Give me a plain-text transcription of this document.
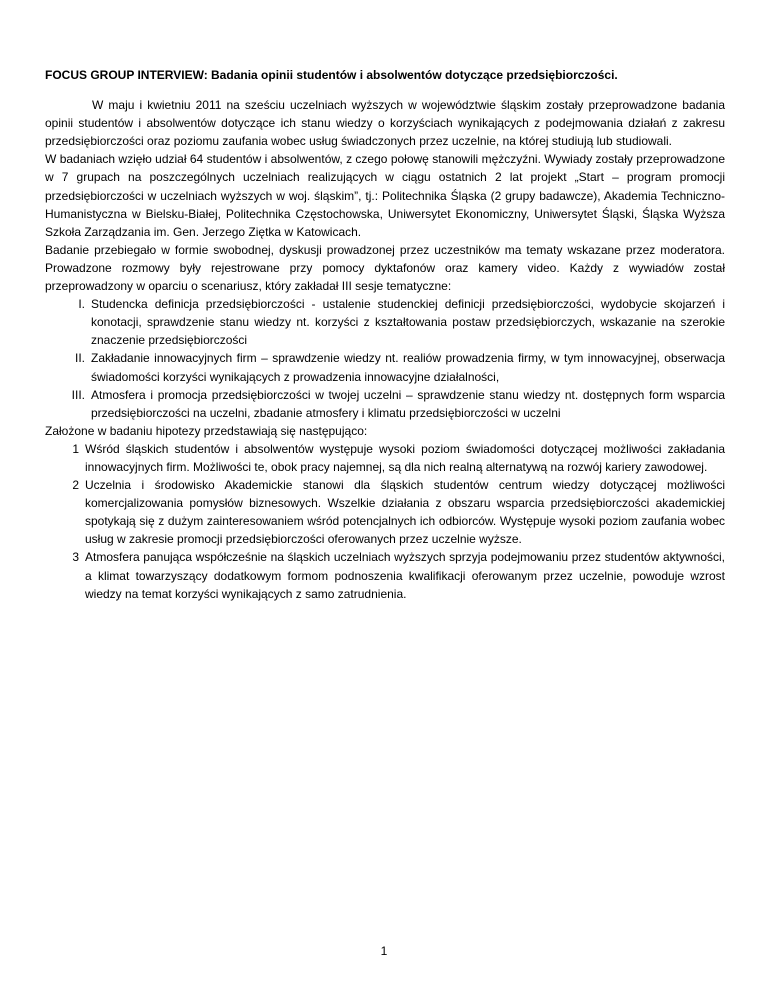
FOCUS GROUP INTERVIEW: Badania opinii studentów i absolwentów dotyczące przedsiębiorczości.

W maju i kwietniu 2011 na sześciu uczelniach wyższych w województwie śląskim zostały przeprowadzone badania opinii studentów i absolwentów dotyczące ich stanu wiedzy o korzyściach wynikających z podejmowania działań z zakresu przedsiębiorczości oraz poziomu zaufania wobec usług świadczonych przez uczelnie, na której studiują lub studiowali.

W badaniach wzięło udział 64 studentów i absolwentów, z czego połowę stanowili mężczyźni. Wywiady zostały przeprowadzone w 7 grupach na poszczególnych uczelniach realizujących w ciągu ostatnich 2 lat projekt „Start – program promocji przedsiębiorczości w uczelniach wyższych w woj. śląskim”, tj.: Politechnika Śląska (2 grupy badawcze), Akademia Techniczno-Humanistyczna w Bielsku-Białej, Politechnika Częstochowska, Uniwersytet Ekonomiczny, Uniwersytet Śląski, Śląska Wyższa Szkoła Zarządzania im. Gen. Jerzego Ziętka w Katowicach.

Badanie przebiegało w formie swobodnej, dyskusji prowadzonej przez uczestników ma tematy wskazane przez moderatora. Prowadzone rozmowy były rejestrowane przy pomocy dyktafonów oraz kamery video. Każdy z wywiadów został przeprowadzony w oparciu o scenariusz, który zakładał III sesje tematyczne:

I. Studencka definicja przedsiębiorczości - ustalenie studenckiej definicji przedsiębiorczości, wydobycie skojarzeń i konotacji, sprawdzenie stanu wiedzy nt. korzyści z kształtowania postaw przedsiębiorczych, wskazanie na szerokie znaczenie przedsiębiorczości
II. Zakładanie innowacyjnych firm – sprawdzenie wiedzy nt. realiów prowadzenia firmy, w tym innowacyjnej, obserwacja świadomości korzyści wynikających z prowadzenia innowacyjne działalności,
III. Atmosfera i promocja przedsiębiorczości w twojej uczelni – sprawdzenie stanu wiedzy nt. dostępnych form wsparcia przedsiębiorczości na uczelni, zbadanie atmosfery i klimatu przedsiębiorczości w uczelni

Założone w badaniu hipotezy przedstawiają się następująco:

1 Wśród śląskich studentów i absolwentów występuje wysoki poziom świadomości dotyczącej możliwości zakładania innowacyjnych firm. Możliwości te, obok pracy najemnej, są dla nich realną alternatywą na rozwój kariery zawodowej.
2 Uczelnia i środowisko Akademickie stanowi dla śląskich studentów centrum wiedzy dotyczącej możliwości komercjalizowania pomysłów biznesowych. Wszelkie działania z obszaru wsparcia przedsiębiorczości akademickiej spotykają się z dużym zainteresowaniem wśród potencjalnych ich odbiorców. Występuje wysoki poziom zaufania wobec usług w zakresie promocji przedsiębiorczości oferowanych przez uczelnie wyższe.
3 Atmosfera panująca współcześnie na śląskich uczelniach wyższych sprzyja podejmowaniu przez studentów aktywności, a klimat towarzyszący dodatkowym formom podnoszenia kwalifikacji oferowanym przez uczelnie, powoduje wzrost wiedzy na temat korzyści wynikających z samo zatrudnienia.
1
